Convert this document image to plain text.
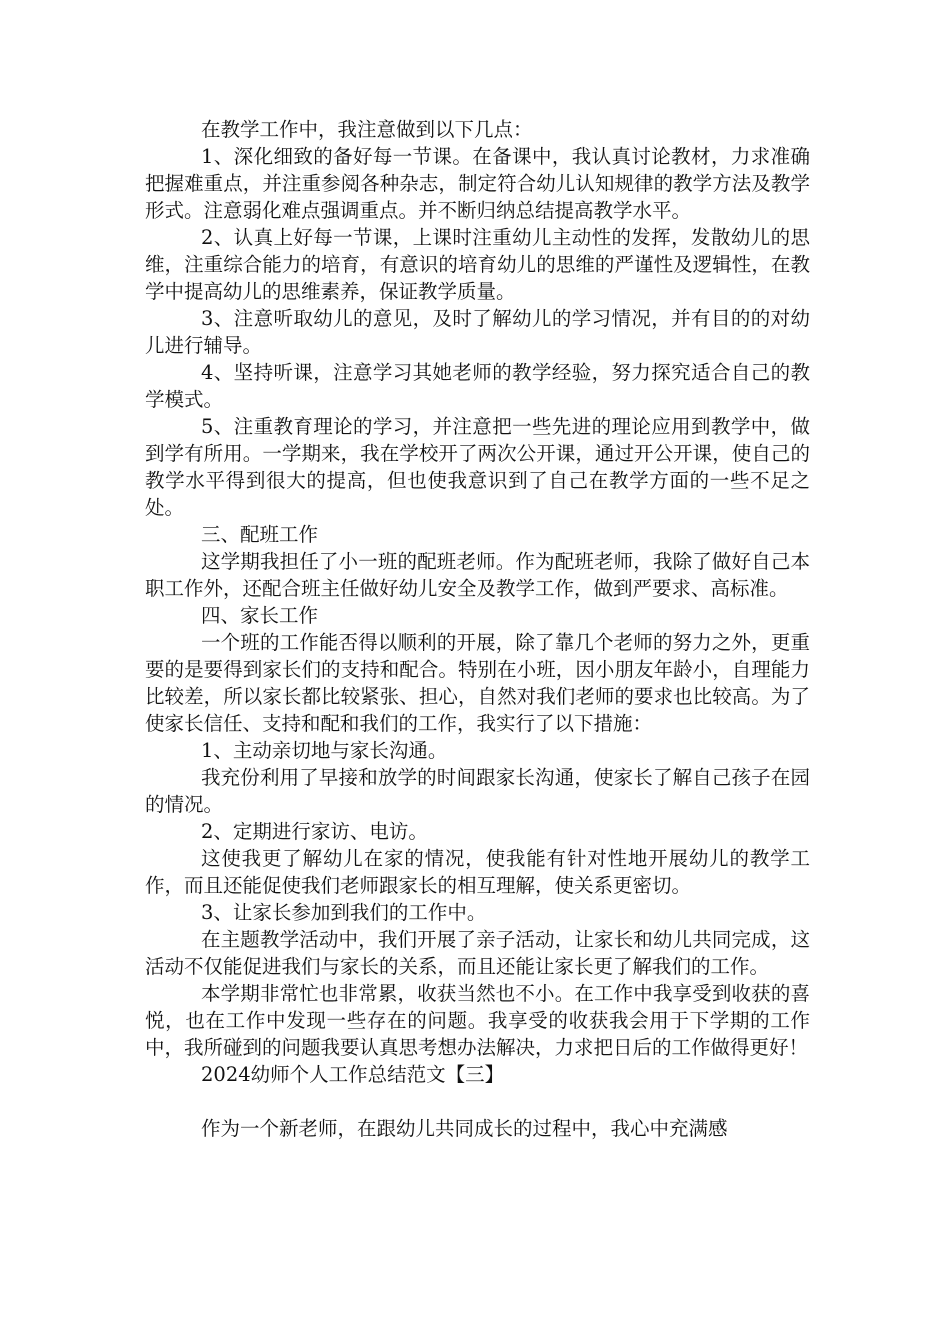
在教学工作中，我注意做到以下几点：

1、深化细致的备好每一节课。在备课中，我认真讨论教材，力求准确把握难重点，并注重参阅各种杂志，制定符合幼儿认知规律的教学方法及教学形式。注意弱化难点强调重点。并不断归纳总结提高教学水平。

2、认真上好每一节课，上课时注重幼儿主动性的发挥，发散幼儿的思维，注重综合能力的培育，有意识的培育幼儿的思维的严谨性及逻辑性，在教学中提高幼儿的思维素养，保证教学质量。

3、注意听取幼儿的意见，及时了解幼儿的学习情况，并有目的的对幼儿进行辅导。

4、坚持听课，注意学习其她老师的教学经验，努力探究适合自己的教学模式。

5、注重教育理论的学习，并注意把一些先进的理论应用到教学中，做到学有所用。一学期来，我在学校开了两次公开课，通过开公开课，使自己的教学水平得到很大的提高，但也使我意识到了自己在教学方面的一些不足之处。

三、配班工作

这学期我担任了小一班的配班老师。作为配班老师，我除了做好自己本职工作外，还配合班主任做好幼儿安全及教学工作，做到严要求、高标准。

四、家长工作

一个班的工作能否得以顺利的开展，除了靠几个老师的努力之外，更重要的是要得到家长们的支持和配合。特别在小班，因小朋友年龄小，自理能力比较差，所以家长都比较紧张、担心，自然对我们老师的要求也比较高。为了使家长信任、支持和配和我们的工作，我实行了以下措施：

1、主动亲切地与家长沟通。

我充份利用了早接和放学的时间跟家长沟通，使家长了解自己孩子在园的情况。

2、定期进行家访、电访。

这使我更了解幼儿在家的情况，使我能有针对性地开展幼儿的教学工作，而且还能促使我们老师跟家长的相互理解，使关系更密切。

3、让家长参加到我们的工作中。

在主题教学活动中，我们开展了亲子活动，让家长和幼儿共同完成，这活动不仅能促进我们与家长的关系，而且还能让家长更了解我们的工作。

本学期非常忙也非常累，收获当然也不小。在工作中我享受到收获的喜悦，也在工作中发现一些存在的问题。我享受的收获我会用于下学期的工作中，我所碰到的问题我要认真思考想办法解决，力求把日后的工作做得更好！

2024幼师个人工作总结范文【三】

作为一个新老师，在跟幼儿共同成长的过程中，我心中充满感
